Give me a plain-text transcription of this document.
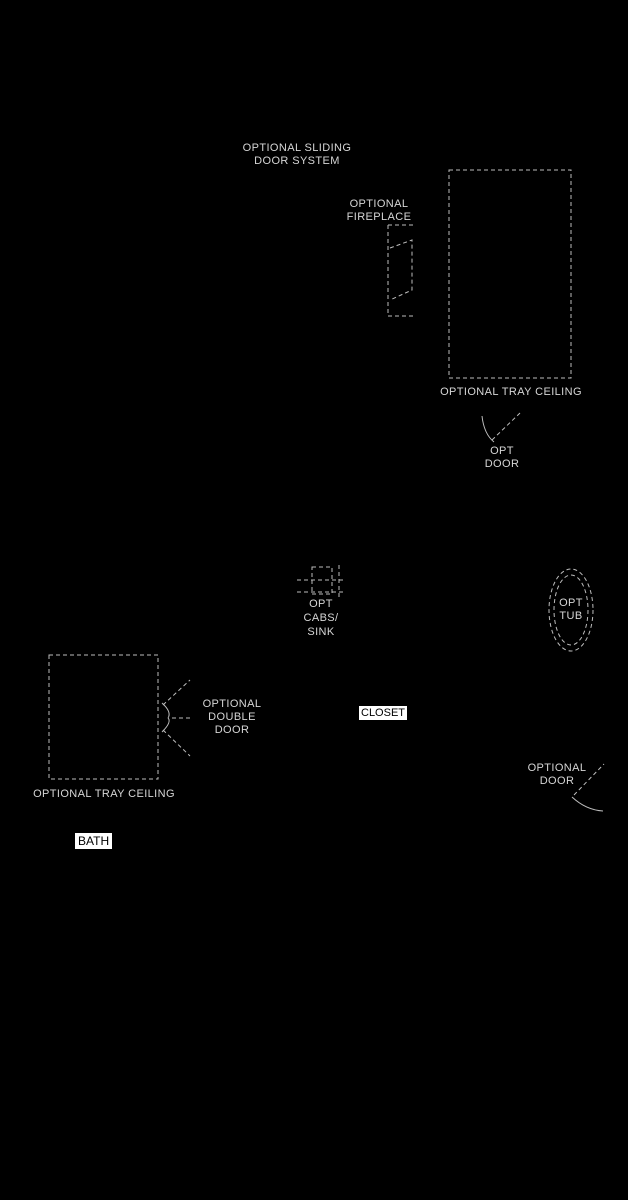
OPTIONAL SLIDING
DOOR SYSTEM
OPTIONAL
FIREPLACE
OPTIONAL TRAY CEILING
OPT
DOOR
OPT
CABS/
SINK
OPT
TUB
OPTIONAL
DOUBLE
DOOR
CLOSET
OPTIONAL
DOOR
OPTIONAL TRAY CEILING
BATH
